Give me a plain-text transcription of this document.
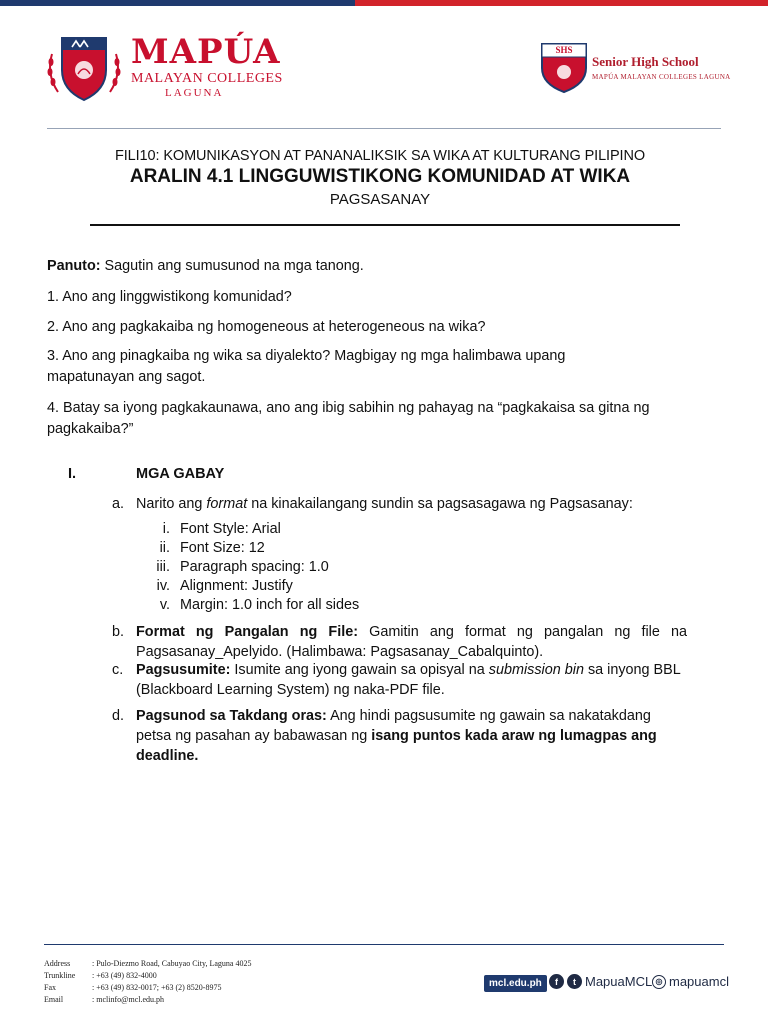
MAPÚA
MALAYAN COLLEGES
LAGUNA
SHS
Senior High School
MAPÚA MALAYAN COLLEGES LAGUNA
FILI10: KOMUNIKASYON AT PANANALIKSIK SA WIKA AT KULTURANG PILIPINO
ARALIN 4.1 LINGGUWISTIKONG KOMUNIDAD AT WIKA
PAGSASANAY
Panuto: Sagutin ang sumusunod na mga tanong.
1. Ano ang linggwistikong komunidad?
2. Ano ang pagkakaiba ng homogeneous at heterogeneous na wika?
3. Ano ang pinagkaiba ng wika sa diyalekto? Magbigay ng mga halimbawa upang mapatunayan ang sagot.
4. Batay sa iyong pagkakaunawa, ano ang ibig sabihin ng pahayag na “pagkakaisa sa gitna ng pagkakaiba?”
I.	MGA GABAY
a. Narito ang format na kinakailangang sundin sa pagsasagawa ng Pagsasanay:
i. Font Style: Arial
ii. Font Size: 12
iii. Paragraph spacing: 1.0
iv. Alignment: Justify
v. Margin: 1.0 inch for all sides
b. Format ng Pangalan ng File: Gamitin ang format ng pangalan ng file na Pagsasanay_Apelyido. (Halimbawa: Pagsasanay_Cabalquinto).
c. Pagsusumite: Isumite ang iyong gawain sa opisyal na submission bin sa inyong BBL (Blackboard Learning System) ng naka-PDF file.
d. Pagsunod sa Takdang oras: Ang hindi pagsusumite ng gawain sa nakatakdang petsa ng pasahan ay babawasan ng isang puntos kada araw ng lumagpas ang deadline.
Address	: Pulo-Diezmo Road, Cabuyao City, Laguna 4025
Trunkline : +63 (49) 832-4000
Fax	: +63 (49) 832-0017; +63 (2) 8520-8975
Email	: mclinfo@mcl.edu.ph
mcl.edu.ph	f	t MapuaMCL ◎ mapuamcl
